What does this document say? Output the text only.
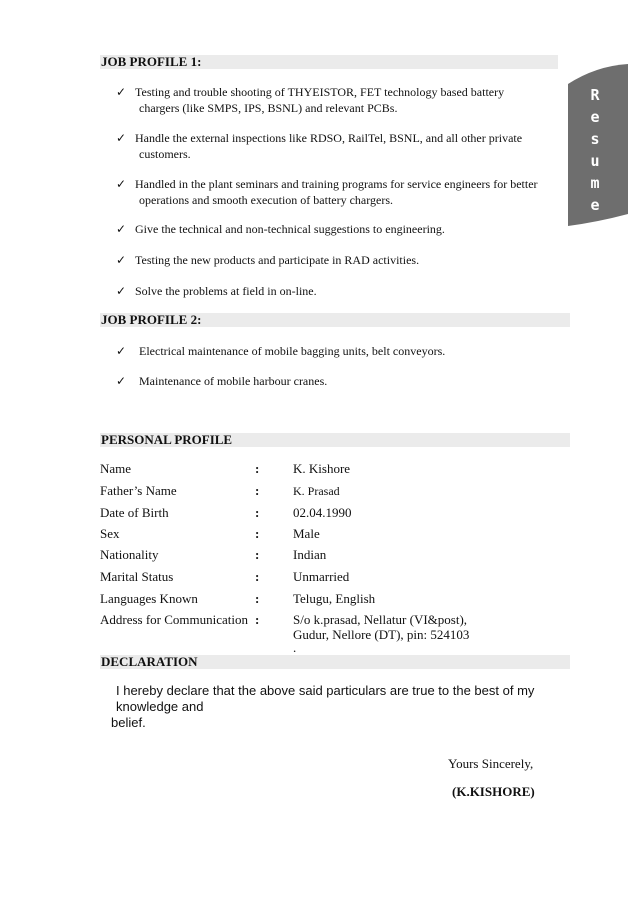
R
e
s
u
m
e
JOB PROFILE 1:
✓ Testing and trouble shooting of THYEISTOR, FET technology based battery
chargers (like SMPS, IPS, BSNL) and relevant PCBs.
✓ Handle the external inspections like RDSO, RailTel, BSNL, and all other private
customers.
✓ Handled in the plant seminars and training programs for service engineers for better
operations and smooth execution of battery chargers.
✓ Give the technical and non-technical suggestions to engineering.
✓ Testing the new products and participate in RAD activities.
✓ Solve the problems at field in on-line.
JOB PROFILE 2:
✓	Electrical maintenance of mobile bagging units, belt conveyors.
✓	Maintenance of mobile harbour cranes.
PERSONAL PROFILE
Name	:	K. Kishore
Father’s Name	:	K. Prasad
Date of Birth	:	02.04.1990
Sex	:	Male
Nationality	:	Indian
Marital Status	:	Unmarried
Languages Known	:	Telugu, English
Address for Communication :	S/o k.prasad, Nellatur (VI&post),
Gudur, Nellore (DT), pin: 524103
.
DECLARATION
I hereby declare that the above said particulars are true to the best of my knowledge and
belief.
Yours Sincerely,
(K.KISHORE)
